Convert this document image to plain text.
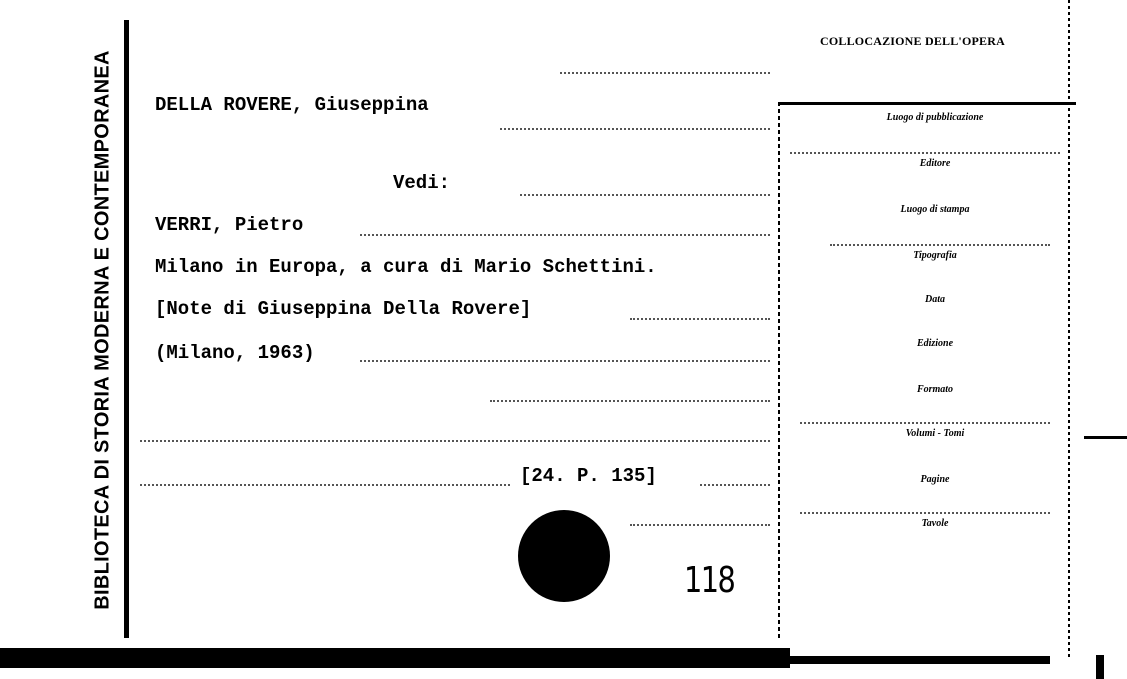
BIBLIOTECA DI STORIA MODERNA E CONTEMPORANEA
COLLOCAZIONE DELL'OPERA
DELLA ROVERE, Giuseppina
Vedi:
VERRI, Pietro
Milano in Europa, a cura di Mario Schettini.
[Note di Giuseppina Della Rovere]
(Milano, 1963)
[24. P. 135]
Luogo di pubblicazione
Editore
Luogo di stampa
Tipografia
Data
Edizione
Formato
Volumi - Tomi
Pagine
Tavole
118
